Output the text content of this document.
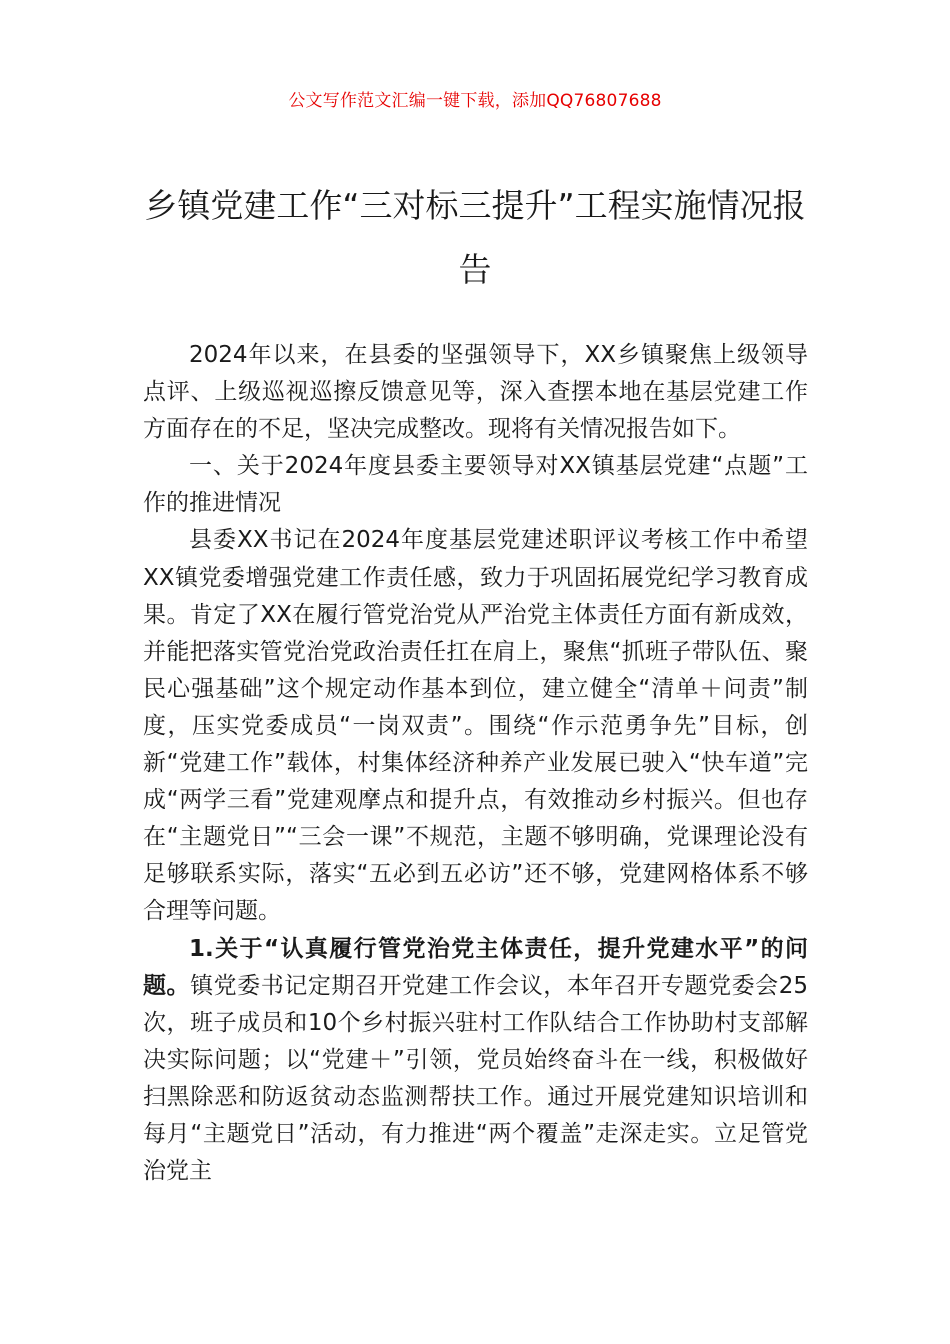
公文写作范文汇编一键下载，添加QQ76807688
乡镇党建工作“三对标三提升”工程实施情况报告

2024年以来，在县委的坚强领导下，XX乡镇聚焦上级领导点评、上级巡视巡擦反馈意见等，深入查摆本地在基层党建工作方面存在的不足，坚决完成整改。现将有关情况报告如下。

一、关于2024年度县委主要领导对XX镇基层党建“点题”工作的推进情况

县委XX书记在2024年度基层党建述职评议考核工作中希望XX镇党委增强党建工作责任感，致力于巩固拓展党纪学习教育成果。肯定了XX在履行管党治党从严治党主体责任方面有新成效，并能把落实管党治党政治责任扛在肩上，聚焦“抓班子带队伍、聚民心强基础”这个规定动作基本到位，建立健全“清单＋问责”制度，压实党委成员“一岗双责”。围绕“作示范勇争先”目标，创新“党建工作”载体，村集体经济种养产业发展已驶入“快车道”完成“两学三看”党建观摩点和提升点，有效推动乡村振兴。但也存在“主题党日”“三会一课”不规范，主题不够明确，党课理论没有足够联系实际，落实“五必到五必访”还不够，党建网格体系不够合理等问题。

1.关于“认真履行管党治党主体责任，提升党建水平”的问题。镇党委书记定期召开党建工作会议，本年召开专题党委会25次，班子成员和10个乡村振兴驻村工作队结合工作协助村支部解决实际问题；以“党建＋”引领，党员始终奋斗在一线，积极做好扫黑除恶和防返贫动态监测帮扶工作。通过开展党建知识培训和每月“主题党日”活动，有力推进“两个覆盖”走深走实。立足管党治党主
